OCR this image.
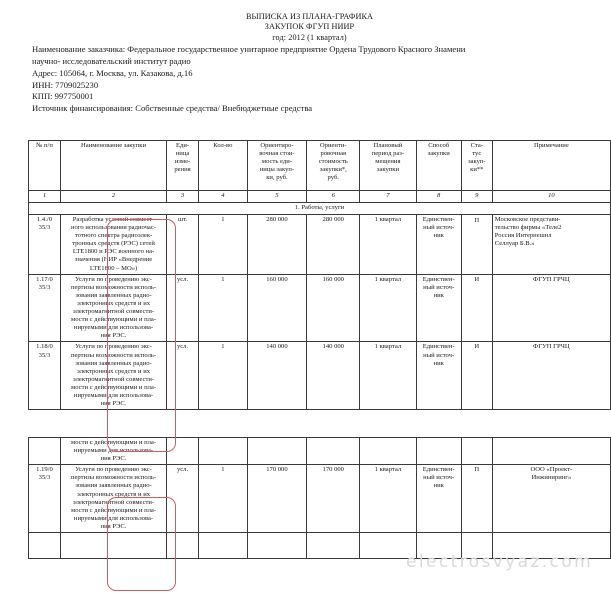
ВЫПИСКА ИЗ ПЛАНА-ГРАФИКА
ЗАКУПОК ФГУП НИИР
год: 2012 (1 квартал)
Наименование заказчика: Федеральное государственное унитарное предприятие Ордена Трудового Красного Знамени
научно- исследовательский институт радио
Адрес: 105064, г. Москва, ул. Казакова, д.16
ИНН: 7709025230
КПП: 997750001
Источник финансирования: Собственные средства/ Внебюджетные средства
№ п/п	Наименование закупки	Еди-
ница
изме-
рения	Кол-во	Ориентиро-
вочная стои-
мость еди-
ницы закуп-
ки, руб.	Ориенти-
ровочная
стоимость
закупки*,
руб.	Плановый
период раз-
мещения
закупки	Способ
закупки	Ста-
тус
закуп-
ки**	Примечание
1	2	3	4	5	6	7	8	9	10
1. Работы, услуги									
1.4./0
35/3	Разработка условий совмест-
ного использования радиочас-
тотного спектра радиоэлек-
тронных средств (РЭС) сетей
LTE1800 и РЭС военного на-
значения (НИР «Внедрение
LTE1800 – МО»)	шт.	1	280 000	280 000	1 квартал	Единствен-
ный источ-
ник	П	Московское представи-
тельство фирмы «Теле2
Россия Интернешнл
Селлуар Б.В.»
1.17/0
35/3	Услуги по проведению экс-
пертизы возможности исполь-
зования заявленных радио-
электронных средств и их
электромагнитной совмести-
мости с действующими и пла-
нируемыми для использова-
ния РЭС.	усл.	1	160 000	160 000	1 квартал	Единствен-
ный источ-
ник	И	ФГУП ГРЧЦ
1.18/0
35/3	Услуги по проведению экс-
пертизы возможности исполь-
зования заявленных радио-
электронных средств и их
электромагнитной совмести-
мости с действующими и пла-
нируемыми для использова-
ния РЭС.	усл.	1	140 000	140 000	1 квартал	Единствен-
ный источ-
ник	И	ФГУП ГРЧЦ
	мости с действующими и пла-
нируемыми для использова-
ния РЭС.								
1.19/0
35/3	Услуги по проведению экс-
пертизы возможности исполь-
зования заявленных радио-
электронных средств и их
электромагнитной совмести-
мости с действующими и пла-
нируемыми для использова-
ния РЭС.	усл.	1	170 000	170 000	1 квартал	Единствен-
ный источ-
ник	П	ООО «Проект-
Инжиниринг»

electrosvyaz.com
